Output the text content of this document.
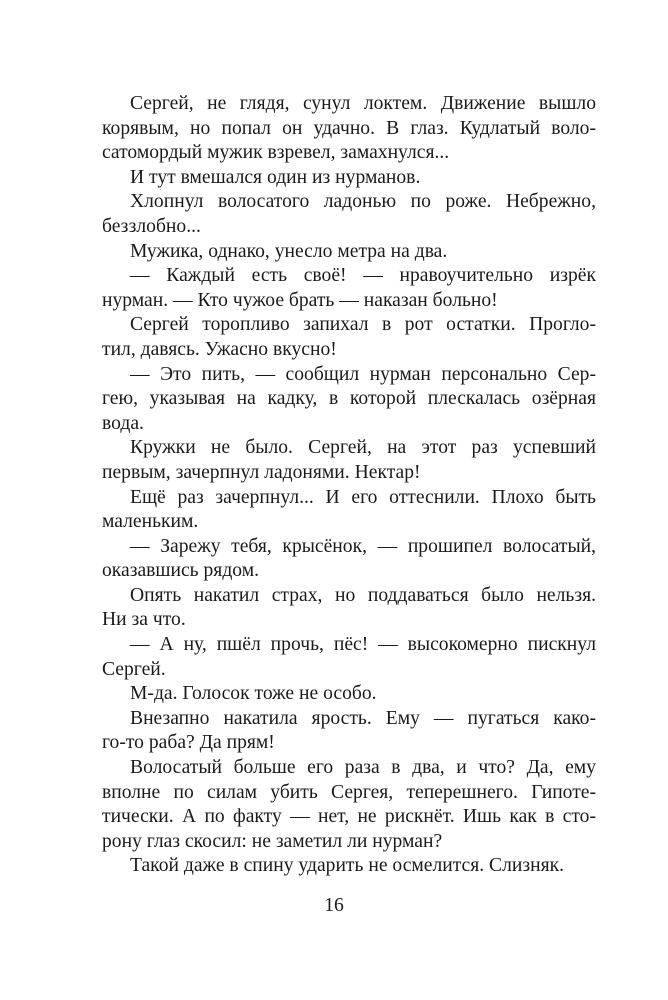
Сергей, не глядя, сунул локтем. Движение вышло
корявым, но попал он удачно. В глаз. Кудлатый воло-
сатомордый мужик взревел, замахнулся...
И тут вмешался один из нурманов.
Хлопнул волосатого ладонью по роже. Небрежно,
беззлобно...
Мужика, однако, унесло метра на два.
— Каждый есть своё! — нравоучительно изрёк
нурман. — Кто чужое брать — наказан больно!
Сергей торопливо запихал в рот остатки. Прогло-
тил, давясь. Ужасно вкусно!
— Это пить, — сообщил нурман персонально Сер-
гею, указывая на кадку, в которой плескалась озёрная
вода.
Кружки не было. Сергей, на этот раз успевший
первым, зачерпнул ладонями. Нектар!
Ещё раз зачерпнул... И его оттеснили. Плохо быть
маленьким.
— Зарежу тебя, крысёнок, — прошипел волосатый,
оказавшись рядом.
Опять накатил страх, но поддаваться было нельзя.
Ни за что.
— А ну, пшёл прочь, пёс! — высокомерно пискнул
Сергей.
М-да. Голосок тоже не особо.
Внезапно накатила ярость. Ему — пугаться како-
го-то раба? Да прям!
Волосатый больше его раза в два, и что? Да, ему
вполне по силам убить Сергея, теперешнего. Гипоте-
тически. А по факту — нет, не рискнёт. Ишь как в сто-
рону глаз скосил: не заметил ли нурман?
Такой даже в спину ударить не осмелится. Слизняк.
16
